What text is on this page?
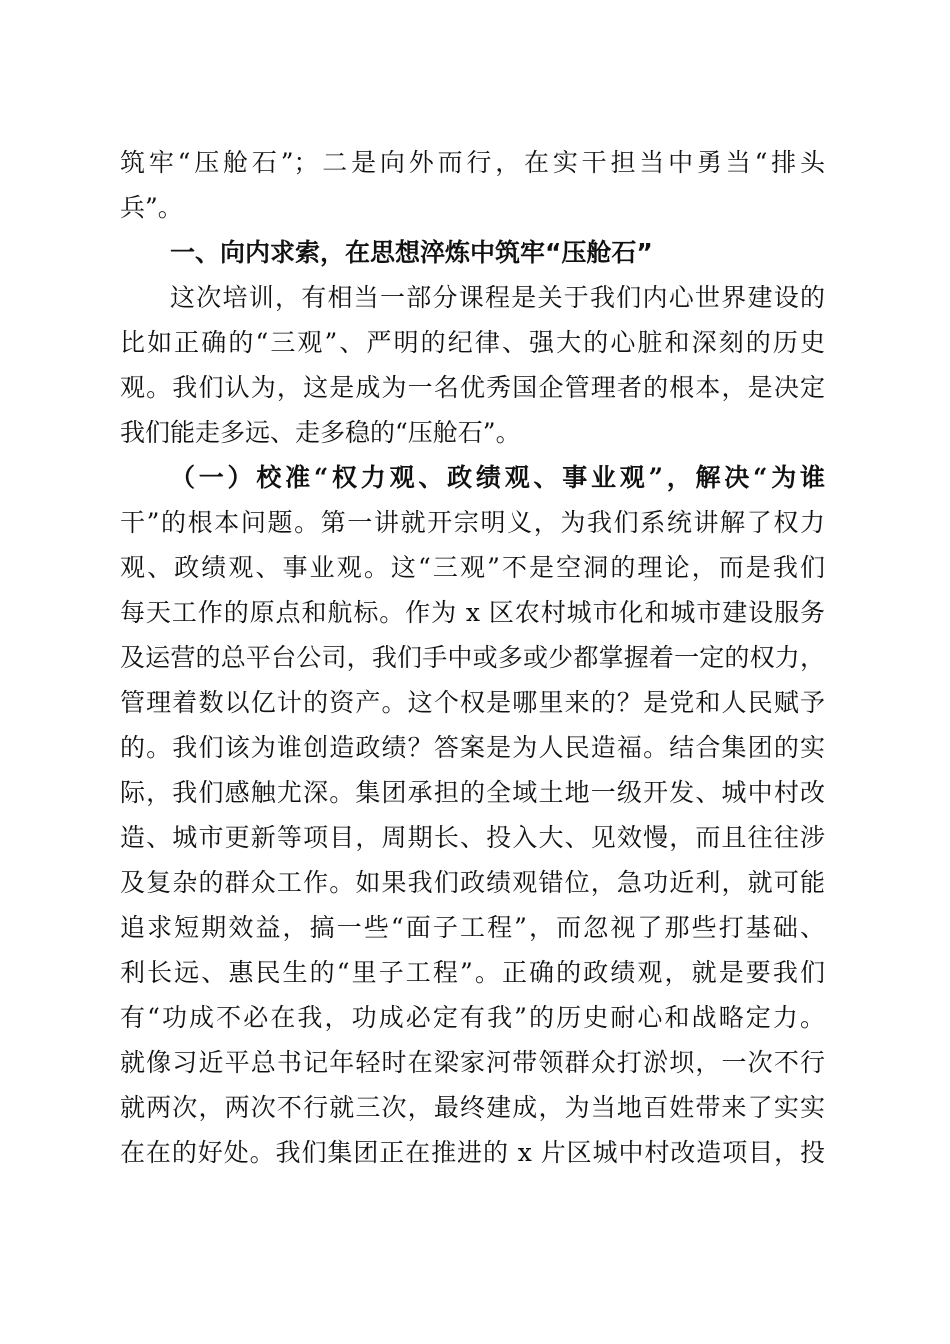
筑牢“压舱石”；二是向外而行，在实干担当中勇当“排头
兵”。
一、向内求索，在思想淬炼中筑牢“压舱石”
这次培训，有相当一部分课程是关于我们内心世界建设的
比如正确的“三观”、严明的纪律、强大的心脏和深刻的历史
观。我们认为，这是成为一名优秀国企管理者的根本，是决定
我们能走多远、走多稳的“压舱石”。
（一）校准“权力观、政绩观、事业观”，解决“为谁
干”的根本问题。第一讲就开宗明义，为我们系统讲解了权力
观、政绩观、事业观。这“三观”不是空洞的理论，而是我们
每天工作的原点和航标。作为 x 区农村城市化和城市建设服务
及运营的总平台公司，我们手中或多或少都掌握着一定的权力，
管理着数以亿计的资产。这个权是哪里来的？是党和人民赋予
的。我们该为谁创造政绩？答案是为人民造福。结合集团的实
际，我们感触尤深。集团承担的全域土地一级开发、城中村改
造、城市更新等项目，周期长、投入大、见效慢，而且往往涉
及复杂的群众工作。如果我们政绩观错位，急功近利，就可能
追求短期效益，搞一些“面子工程”，而忽视了那些打基础、
利长远、惠民生的“里子工程”。正确的政绩观，就是要我们
有“功成不必在我，功成必定有我”的历史耐心和战略定力。
就像习近平总书记年轻时在梁家河带领群众打淤坝，一次不行
就两次，两次不行就三次，最终建成，为当地百姓带来了实实
在在的好处。我们集团正在推进的 x 片区城中村改造项目，投
